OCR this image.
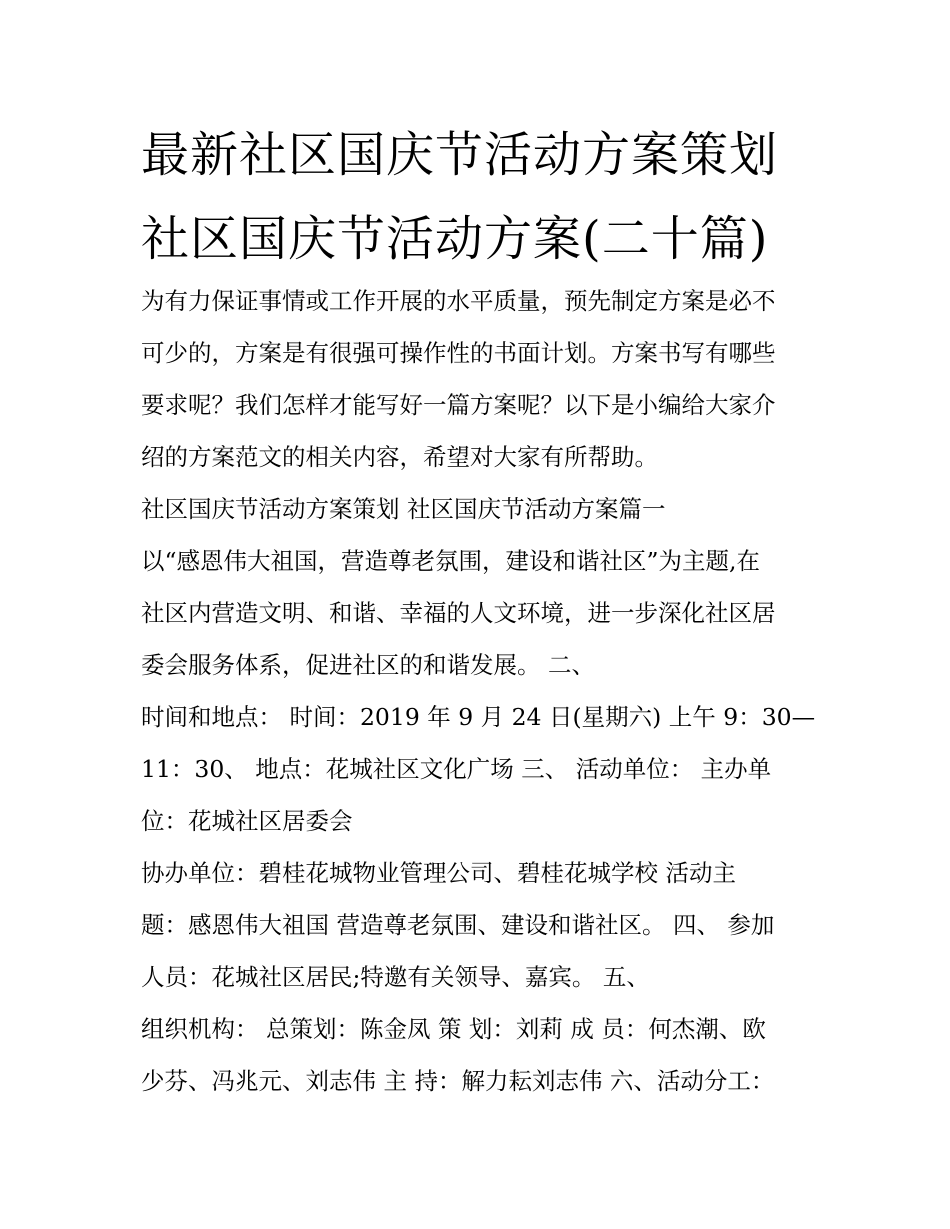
最新社区国庆节活动方案策划
社区国庆节活动方案(二十篇)
为有力保证事情或工作开展的水平质量，预先制定方案是必不
可少的，方案是有很强可操作性的书面计划。方案书写有哪些
要求呢？我们怎样才能写好一篇方案呢？以下是小编给大家介
绍的方案范文的相关内容，希望对大家有所帮助。
社区国庆节活动方案策划 社区国庆节活动方案篇一
以“感恩伟大祖国，营造尊老氛围，建设和谐社区”为主题,在
社区内营造文明、和谐、幸福的人文环境，进一步深化社区居
委会服务体系，促进社区的和谐发展。 二、
时间和地点： 时间：2019 年 9 月 24 日(星期六) 上午 9：30—
11：30、 地点：花城社区文化广场 三、 活动单位： 主办单
位：花城社区居委会
协办单位：碧桂花城物业管理公司、碧桂花城学校 活动主
题：感恩伟大祖国 营造尊老氛围、建设和谐社区。 四、 参加
人员：花城社区居民;特邀有关领导、嘉宾。 五、
组织机构： 总策划：陈金凤 策 划：刘莉 成 员：何杰潮、欧
少芬、冯兆元、刘志伟 主 持：解力耘刘志伟 六、活动分工：
